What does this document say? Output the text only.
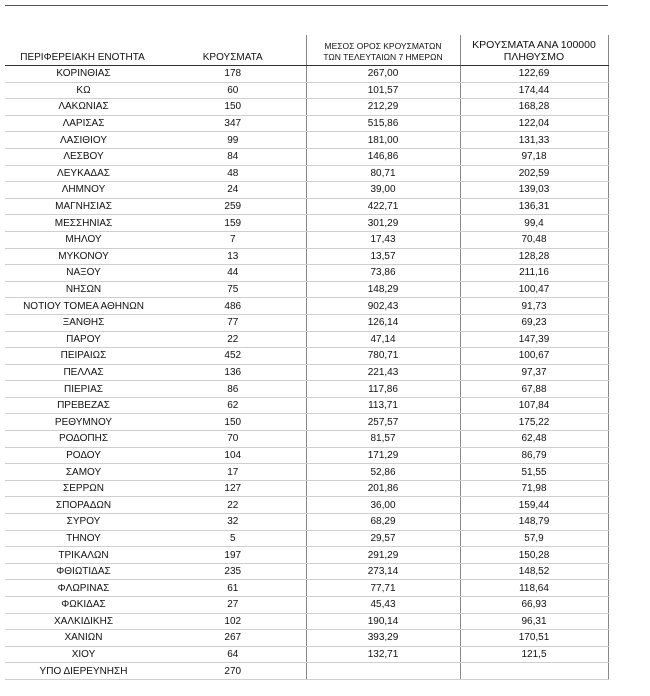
ΠΕΡΙΦΕΡΕΙΑΚΗ ΕΝΟΤΗΤΑ	ΚΡΟΥΣΜΑΤΑ	ΜΕΣΟΣ ΟΡΟΣ ΚΡΟΥΣΜΑΤΩΝ
ΤΩΝ ΤΕΛΕΥΤΑΙΩΝ 7 ΗΜΕΡΩΝ	ΚΡΟΥΣΜΑΤΑ ΑΝΑ 100000
ΠΛΗΘΥΣΜΟ

ΚΟΡΙΝΘΙΑΣ	178	267,00	122,69
ΚΩ	60	101,57	174,44
ΛΑΚΩΝΙΑΣ	150	212,29	168,28
ΛΑΡΙΣΑΣ	347	515,86	122,04
ΛΑΣΙΘΙΟΥ	99	181,00	131,33
ΛΕΣΒΟΥ	84	146,86	97,18
ΛΕΥΚΑΔΑΣ	48	80,71	202,59
ΛΗΜΝΟΥ	24	39,00	139,03
ΜΑΓΝΗΣΙΑΣ	259	422,71	136,31
ΜΕΣΣΗΝΙΑΣ	159	301,29	99,4
ΜΗΛΟΥ	7	17,43	70,48
ΜΥΚΟΝΟΥ	13	13,57	128,28
ΝΑΞΟΥ	44	73,86	211,16
ΝΗΣΩΝ	75	148,29	100,47
ΝΟΤΙΟΥ ΤΟΜΕΑ ΑΘΗΝΩΝ	486	902,43	91,73
ΞΑΝΘΗΣ	77	126,14	69,23
ΠΑΡΟΥ	22	47,14	147,39
ΠΕΙΡΑΙΩΣ	452	780,71	100,67
ΠΕΛΛΑΣ	136	221,43	97,37
ΠΙΕΡΙΑΣ	86	117,86	67,88
ΠΡΕΒΕΖΑΣ	62	113,71	107,84
ΡΕΘΥΜΝΟΥ	150	257,57	175,22
ΡΟΔΟΠΗΣ	70	81,57	62,48
ΡΟΔΟΥ	104	171,29	86,79
ΣΑΜΟΥ	17	52,86	51,55
ΣΕΡΡΩΝ	127	201,86	71,98
ΣΠΟΡΑΔΩΝ	22	36,00	159,44
ΣΥΡΟΥ	32	68,29	148,79
ΤΗΝΟΥ	5	29,57	57,9
ΤΡΙΚΑΛΩΝ	197	291,29	150,28
ΦΘΙΩΤΙΔΑΣ	235	273,14	148,52
ΦΛΩΡΙΝΑΣ	61	77,71	118,64
ΦΩΚΙΔΑΣ	27	45,43	66,93
ΧΑΛΚΙΔΙΚΗΣ	102	190,14	96,31
ΧΑΝΙΩΝ	267	393,29	170,51
ΧΙΟΥ	64	132,71	121,5
ΥΠΟ ΔΙΕΡΕΥΝΗΣΗ	270		
